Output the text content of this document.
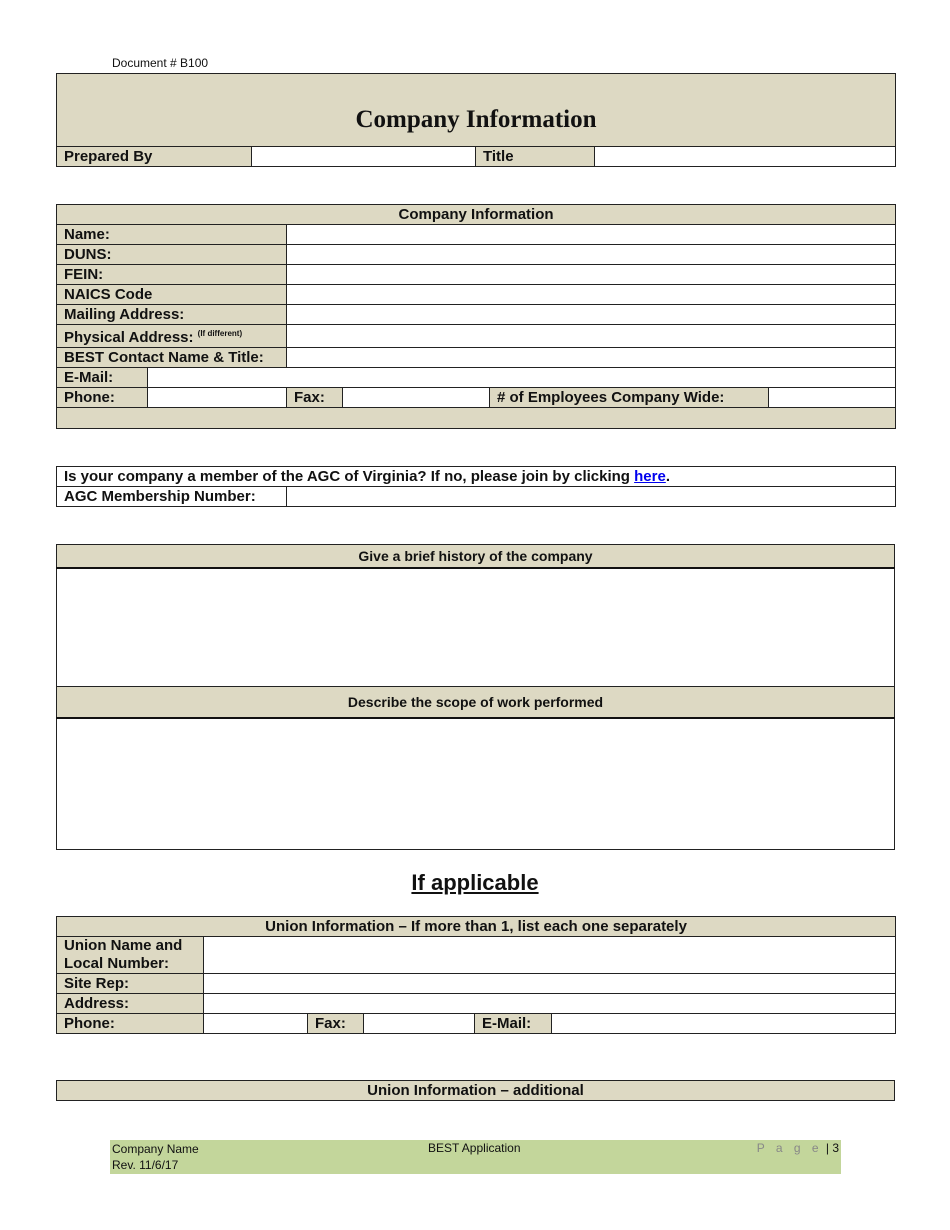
Document # B100
Company Information
Prepared By		Title	
Company Information					
Name:					
DUNS:					
FEIN:					
NAICS Code					
Mailing Address:					
Physical Address: $^{(If different)}$	
BEST Contact Name & Title:					
E-Mail:					
Phone:		Fax:		# of Employees Company Wide:	

Is your company a member of the AGC of Virginia? If no, please join by clicking here.
AGC Membership Number:	
Give a brief history of the company

Describe the scope of work performed

If applicable
Union Information – If more than 1, list each one separately					
Union Name and
Local Number:					
Site Rep:					
Address:					
Phone:		Fax:		E-Mail:	
Union Information – additional
Company Name
Rev. 11/6/17
BEST Application	P a g e | 3
